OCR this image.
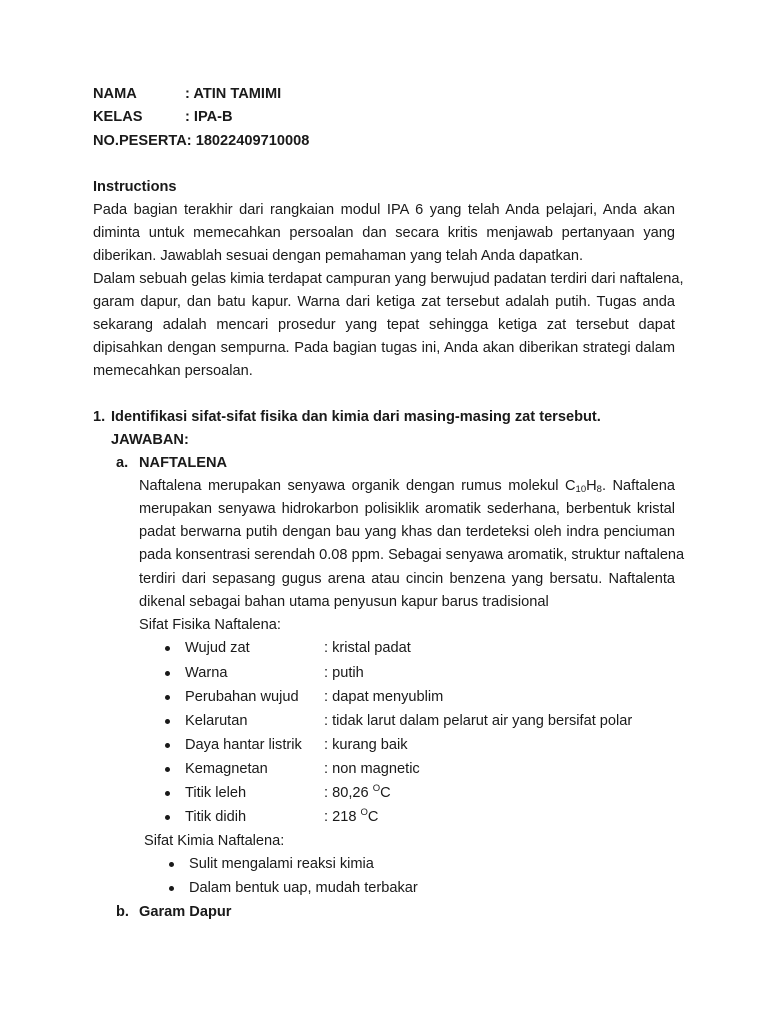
NAMA	: ATIN TAMIMI
KELAS	: IPA-B
NO.PESERTA: 18022409710008
Instructions
Pada bagian terakhir dari rangkaian modul IPA 6 yang telah Anda pelajari, Anda akan
diminta untuk memecahkan persoalan dan secara kritis menjawab pertanyaan yang
diberikan. Jawablah sesuai dengan pemahaman yang telah Anda dapatkan.
Dalam sebuah gelas kimia terdapat campuran yang berwujud padatan terdiri dari naftalena,
garam dapur, dan batu kapur. Warna dari ketiga zat tersebut adalah putih. Tugas anda
sekarang adalah mencari prosedur yang tepat sehingga ketiga zat tersebut dapat
dipisahkan dengan sempurna. Pada bagian tugas ini, Anda akan diberikan strategi dalam
memecahkan persoalan.
1. Identifikasi sifat-sifat fisika dan kimia dari masing-masing zat tersebut.
JAWABAN:
a. NAFTALENA
Naftalena merupakan senyawa organik dengan rumus molekul $C_{10}H_8$. Naftalena
merupakan senyawa hidrokarbon polisiklik aromatik sederhana, berbentuk kristal
padat berwarna putih dengan bau yang khas dan terdeteksi oleh indra penciuman
pada konsentrasi serendah 0.08 ppm. Sebagai senyawa aromatik, struktur naftalena
terdiri dari sepasang gugus arena atau cincin benzena yang bersatu. Naftalenta
dikenal sebagai bahan utama penyusun kapur barus tradisional
Sifat Fisika Naftalena:
Wujud zat	: kristal padat
Warna	: putih
Perubahan wujud : dapat menyublim
Kelarutan	: tidak larut dalam pelarut air yang bersifat polar
Daya hantar listrik : kurang baik
Kemagnetan	: non magnetic
Titik leleh	: 80,26 $^O$C
Titik didih	: 218 $^O$C
Sifat Kimia Naftalena:
Sulit mengalami reaksi kimia
Dalam bentuk uap, mudah terbakar
b. Garam Dapur
